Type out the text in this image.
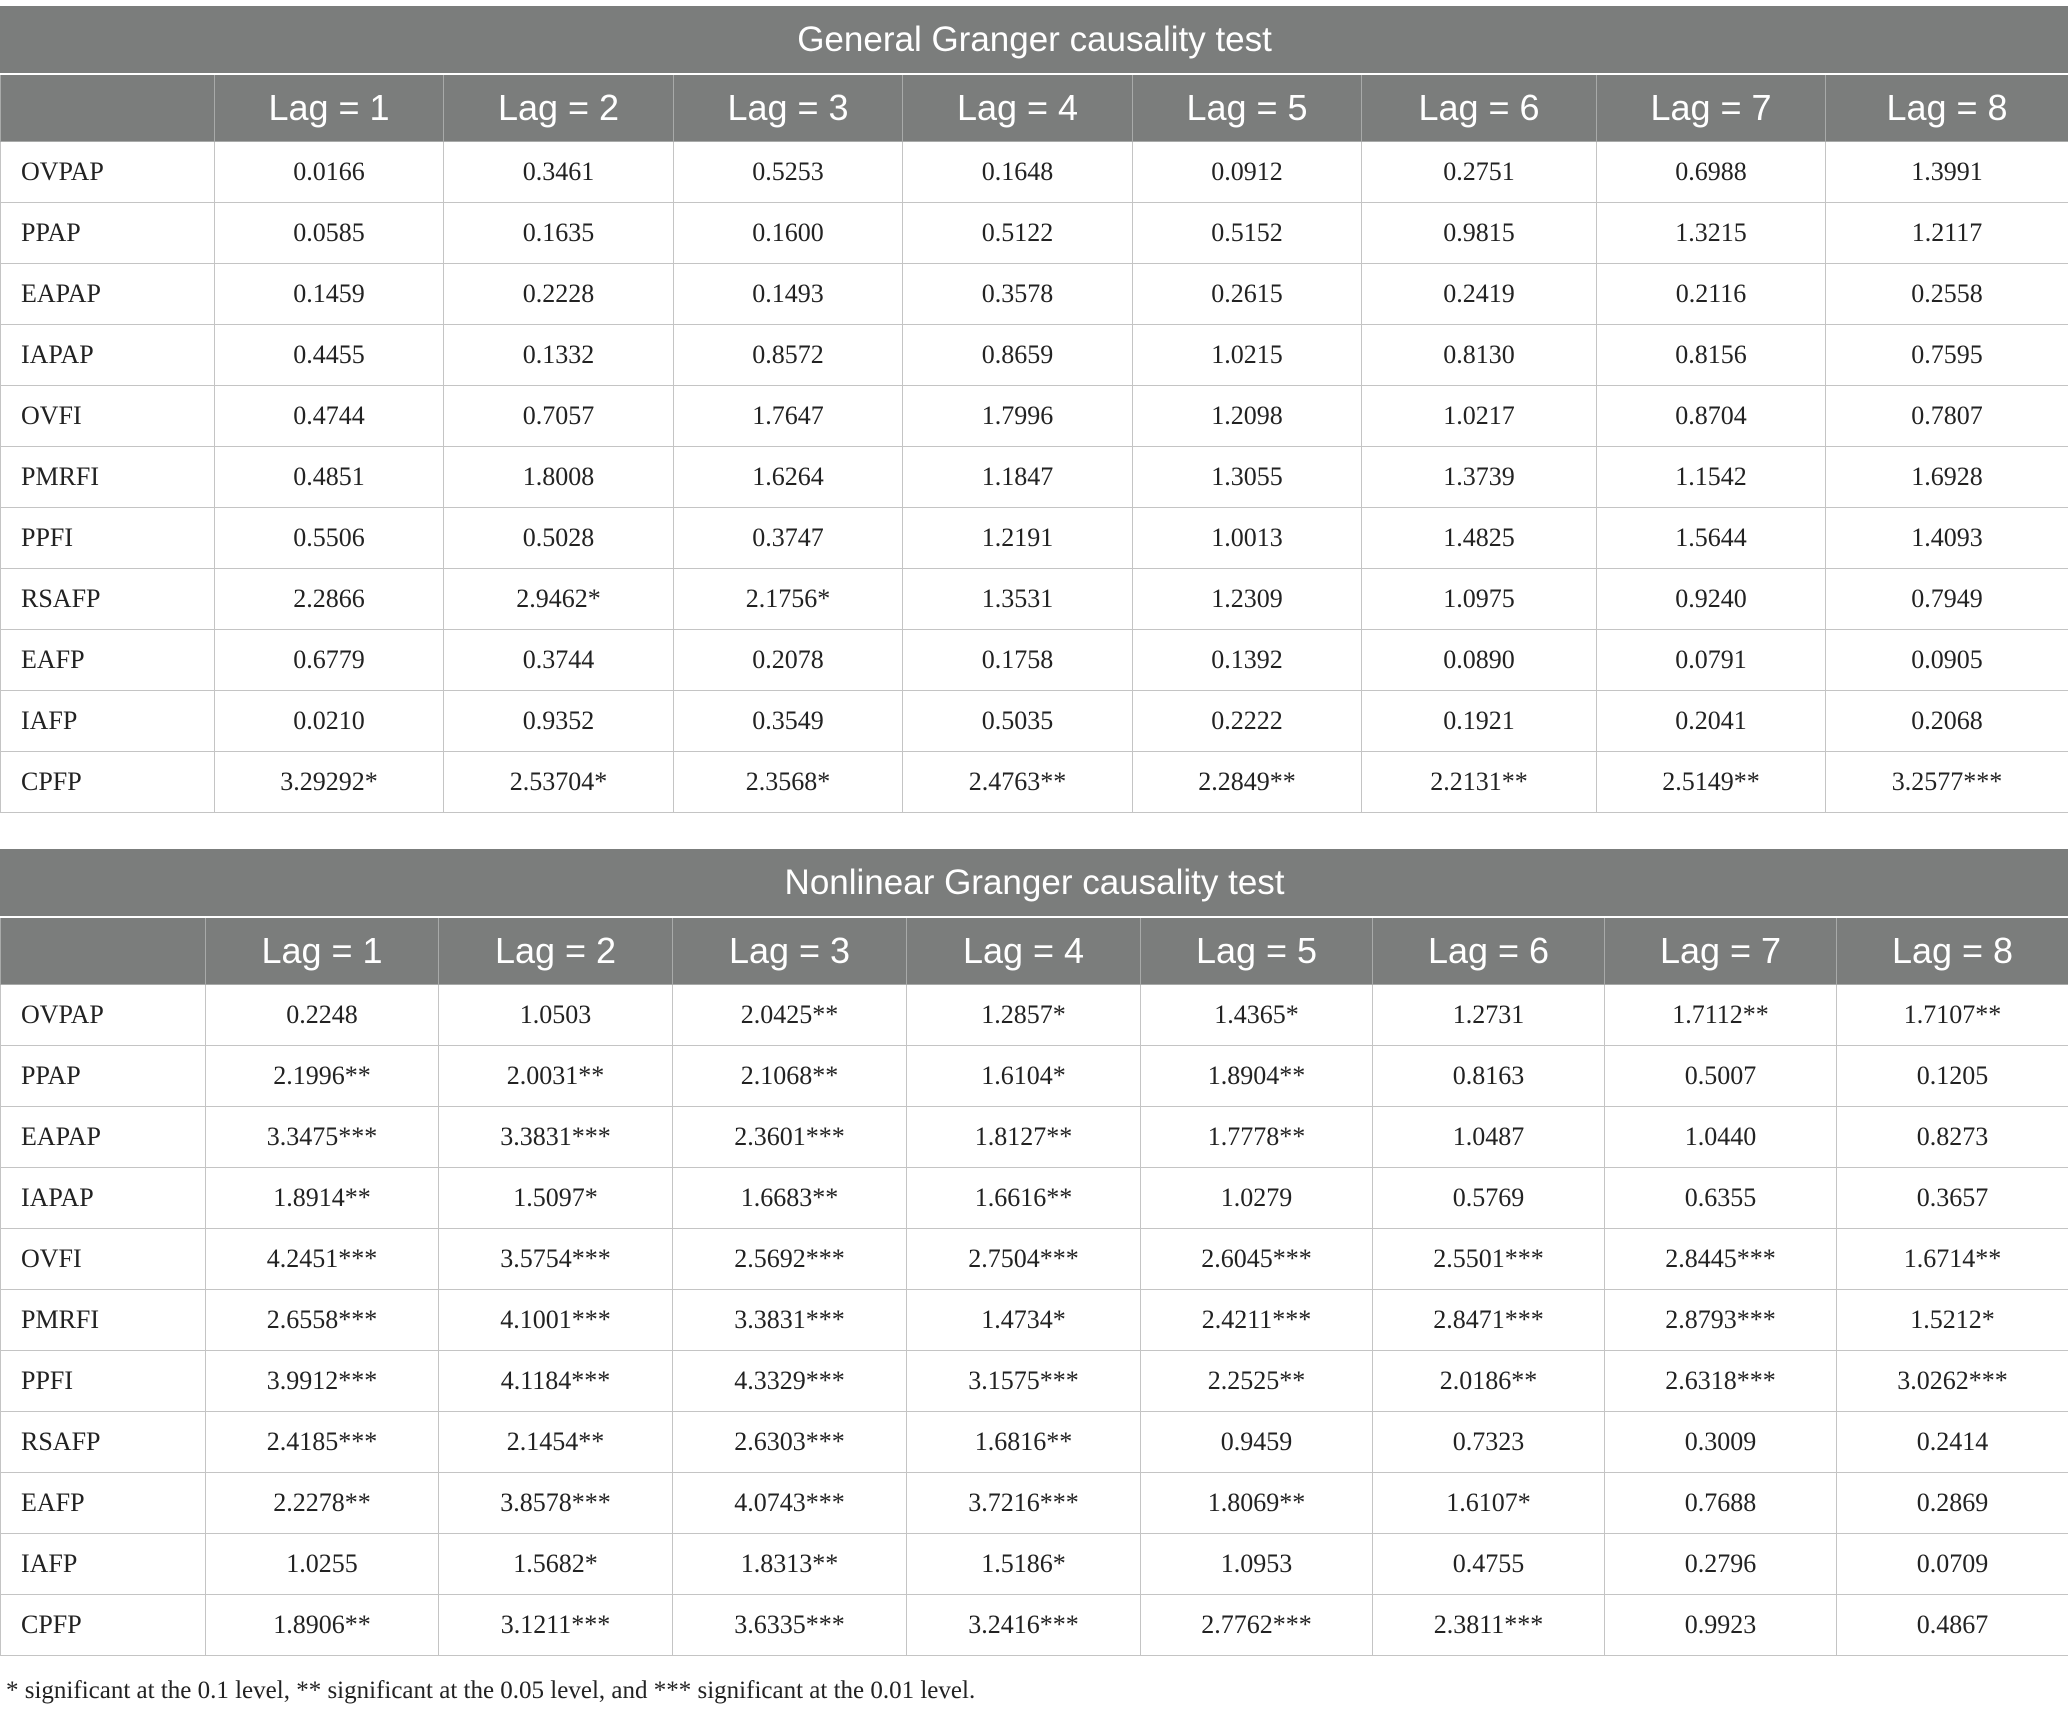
General Granger causality test								
	Lag = 1	Lag = 2	Lag = 3	Lag = 4	Lag = 5	Lag = 6	Lag = 7	Lag = 8
OVPAP	0.0166	0.3461	0.5253	0.1648	0.0912	0.2751	0.6988	1.3991
PPAP	0.0585	0.1635	0.1600	0.5122	0.5152	0.9815	1.3215	1.2117
EAPAP	0.1459	0.2228	0.1493	0.3578	0.2615	0.2419	0.2116	0.2558
IAPAP	0.4455	0.1332	0.8572	0.8659	1.0215	0.8130	0.8156	0.7595
OVFI	0.4744	0.7057	1.7647	1.7996	1.2098	1.0217	0.8704	0.7807
PMRFI	0.4851	1.8008	1.6264	1.1847	1.3055	1.3739	1.1542	1.6928
PPFI	0.5506	0.5028	0.3747	1.2191	1.0013	1.4825	1.5644	1.4093
RSAFP	2.2866	2.9462*	2.1756*	1.3531	1.2309	1.0975	0.9240	0.7949
EAFP	0.6779	0.3744	0.2078	0.1758	0.1392	0.0890	0.0791	0.0905
IAFP	0.0210	0.9352	0.3549	0.5035	0.2222	0.1921	0.2041	0.2068
CPFP	3.29292*	2.53704*	2.3568*	2.4763**	2.2849**	2.2131**	2.5149**	3.2577***
Nonlinear Granger causality test								
	Lag = 1	Lag = 2	Lag = 3	Lag = 4	Lag = 5	Lag = 6	Lag = 7	Lag = 8
OVPAP	0.2248	1.0503	2.0425**	1.2857*	1.4365*	1.2731	1.7112**	1.7107**
PPAP	2.1996**	2.0031**	2.1068**	1.6104*	1.8904**	0.8163	0.5007	0.1205
EAPAP	3.3475***	3.3831***	2.3601***	1.8127**	1.7778**	1.0487	1.0440	0.8273
IAPAP	1.8914**	1.5097*	1.6683**	1.6616**	1.0279	0.5769	0.6355	0.3657
OVFI	4.2451***	3.5754***	2.5692***	2.7504***	2.6045***	2.5501***	2.8445***	1.6714**
PMRFI	2.6558***	4.1001***	3.3831***	1.4734*	2.4211***	2.8471***	2.8793***	1.5212*
PPFI	3.9912***	4.1184***	4.3329***	3.1575***	2.2525**	2.0186**	2.6318***	3.0262***
RSAFP	2.4185***	2.1454**	2.6303***	1.6816**	0.9459	0.7323	0.3009	0.2414
EAFP	2.2278**	3.8578***	4.0743***	3.7216***	1.8069**	1.6107*	0.7688	0.2869
IAFP	1.0255	1.5682*	1.8313**	1.5186*	1.0953	0.4755	0.2796	0.0709
CPFP	1.8906**	3.1211***	3.6335***	3.2416***	2.7762***	2.3811***	0.9923	0.4867
* significant at the 0.1 level, ** significant at the 0.05 level, and *** significant at the 0.01 level.
